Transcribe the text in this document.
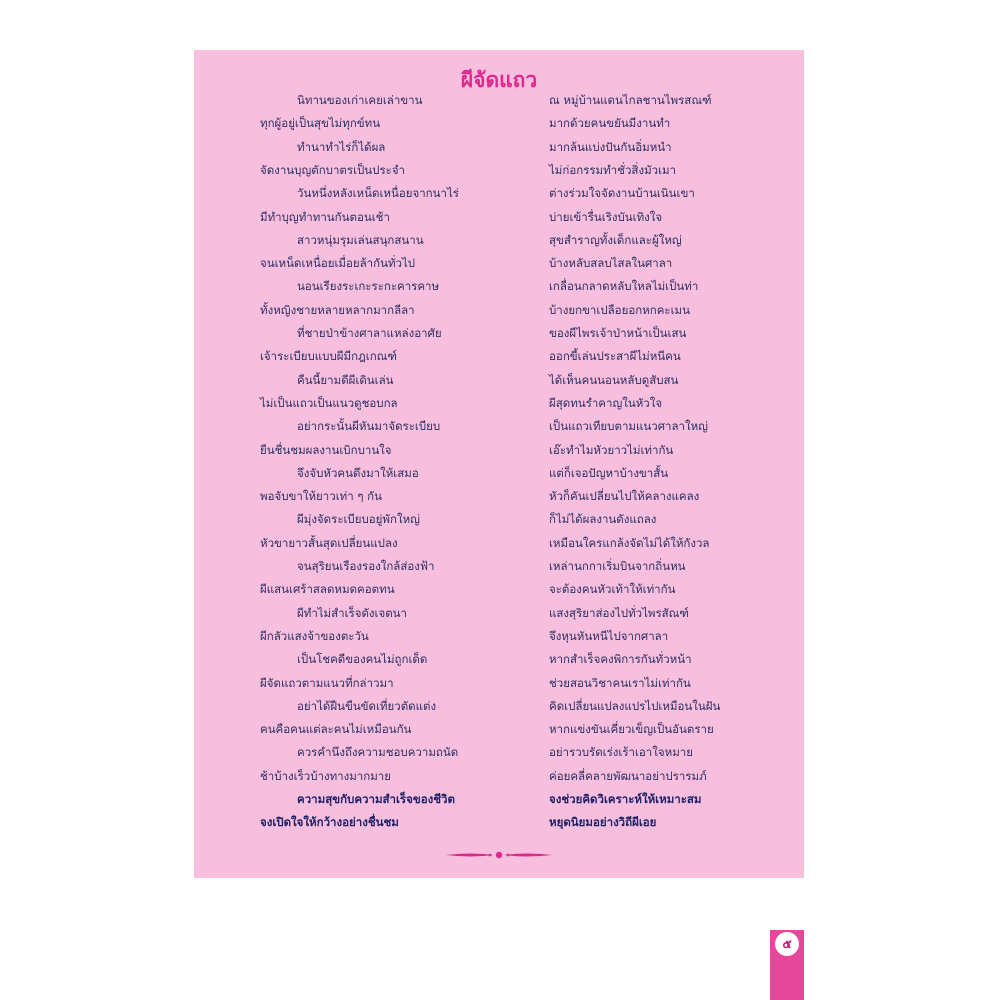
ผีจัดแถว
นิทานของเก่าเคยเล่าขาน	ณ หมู่บ้านแดนไกลชานไพรสณฑ์
ทุกผู้อยู่เป็นสุขไม่ทุกข์ทน	มากด้วยคนขยันมีงานทำ
ทำนาทำไร่ก็ได้ผล	มากล้นแบ่งปันกันอิ่มหนำ
จัดงานบุญตักบาตรเป็นประจำ	ไม่ก่อกรรมทำชั่วสิ่งมัวเมา
วันหนึ่งหลังเหน็ดเหนื่อยจากนาไร่	ต่างร่วมใจจัดงานบ้านเนินเขา
มีทำบุญทำทานกันตอนเช้า	บ่ายเข้ารื่นเริงบันเทิงใจ
สาวหนุ่มรุมเล่นสนุกสนาน	สุขสำราญทั้งเด็กและผู้ใหญ่
จนเหน็ดเหนื่อยเมื่อยล้ากันทั่วไป	บ้างหลับสลบไสลในศาลา
นอนเรียงระเกะระกะคารคาษ	เกลื่อนกลาดหลับใหลไม่เป็นท่า
ทั้งหญิงชายหลายหลากมากลีลา	บ้างยกขาเปลือยอกหกคะเมน
ที่ชายป่าข้างศาลาแหล่งอาศัย	ของผีไพรเจ้าป่าหน้าเป็นเสน
เจ้าระเบียบแบบผีมีกฎเกณฑ์	ออกขี้เล่นประสาผีไม่หนีคน
คืนนี้ยามดีผีเดินเล่น	ได้เห็นคนนอนหลับดูสับสน
ไม่เป็นแถวเป็นแนวดูชอบกล	ผีสุดทนรำคาญในหัวใจ
อย่ากระนั้นผีหันมาจัดระเบียบ	เป็นแถวเทียบตามแนวศาลาใหญ่
ยืนชื่นชมผลงานเบิกบานใจ	เอ๊ะทำไมหัวยาวไม่เท่ากัน
จึงจับหัวคนดึงมาให้เสมอ	แต่ก็เจอปัญหาบ้างขาสั้น
พอจับขาให้ยาวเท่า ๆ กัน	หัวก็คันเปลี่ยนไปให้คลางแคลง
ผีมุ่งจัดระเบียบอยู่พักใหญ่	ก็ไม่ได้ผลงานดังแถลง
หัวขายาวสั้นสุดเปลี่ยนแปลง	เหมือนใครแกล้งจัดไม่ได้ให้กังวล
จนสุริยนเรืองรองใกล้ส่องฟ้า	เหล่านกกาเริ่มบินจากถิ่นหน
ผีแสนเศร้าสลดหมดคอตทน	จะต้องคนหัวเท้าให้เท่ากัน
ผีทำไม่สำเร็จดังเจตนา	แสงสุริยาส่องไปทั่วไพรสัณฑ์
ผีกลัวแสงจ้าของตะวัน	จึงหุนหันหนีไปจากศาลา
เป็นโชคดีของคนไม่ถูกเด็ด	หากสำเร็จคงพิการกันทั่วหน้า
ผีจัดแถวตามแนวที่กล่าวมา	ช่วยสอนวิชาคนเราไม่เท่ากัน
อย่าได้ฝืนขืนขัดเที่ยวตัดแต่ง	คิดเปลี่ยนแปลงแปรไปเหมือนในฝัน
คนคือคนแต่ละคนไม่เหมือนกัน	หากแข่งขันเคี่ยวเข็ญเป็นอันตราย
ควรคำนึงถึงความชอบความถนัด	อย่ารวบรัดเร่งเร้าเอาใจหมาย
ช้าบ้างเร็วบ้างทางมากมาย	ค่อยคลี่คลายพัฒนาอย่าปรารมภ์
ความสุขกับความสำเร็จของชีวิต	จงช่วยคิดวิเคราะห์ให้เหมาะสม
จงเปิดใจให้กว้างอย่างชื่นชม	หยุดนิยมอย่างวิถีผีเอย
๕
